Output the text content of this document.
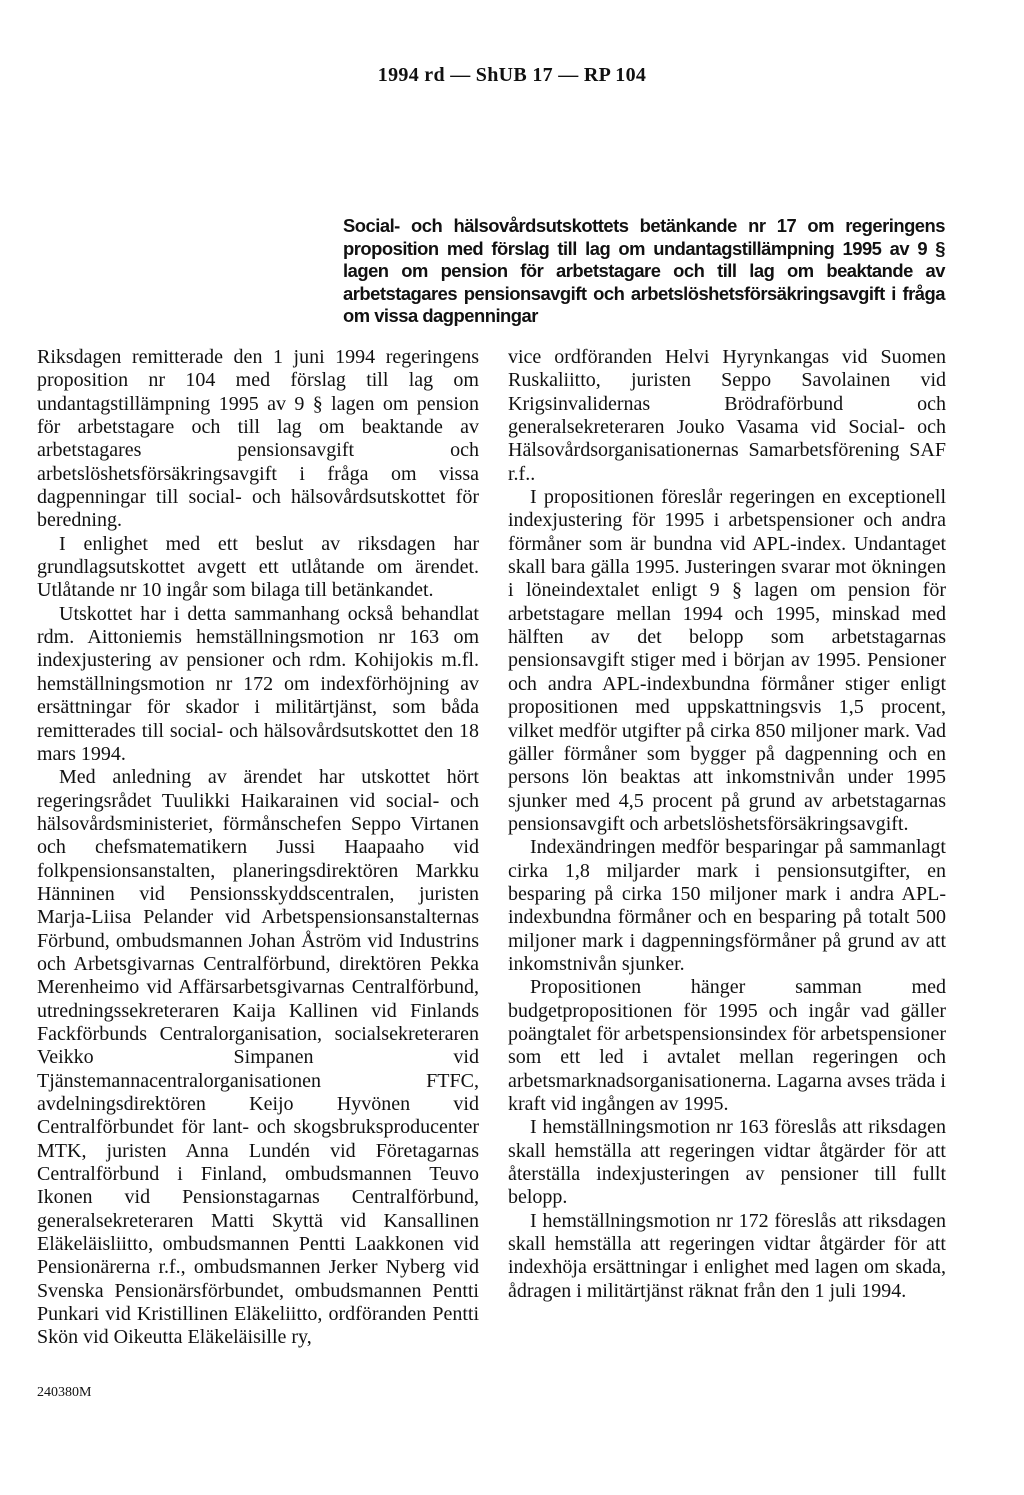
1994 rd — ShUB 17 — RP 104
Social- och hälsovårdsutskottets betänkande nr 17 om regeringens proposition med förslag till lag om undantagstillämpning 1995 av 9 § lagen om pension för arbetstagare och till lag om beaktande av arbetstagares pensionsavgift och arbetslöshetsförsäkringsavgift i fråga om vissa dagpenningar

Riksdagen remitterade den 1 juni 1994 regeringens proposition nr 104 med förslag till lag om undantagstillämpning 1995 av 9 § lagen om pension för arbetstagare och till lag om beaktande av arbetstagares pensionsavgift och arbetslöshetsförsäkringsavgift i fråga om vissa dagpenningar till social- och hälsovårdsutskottet för beredning.

I enlighet med ett beslut av riksdagen har grundlagsutskottet avgett ett utlåtande om ärendet. Utlåtande nr 10 ingår som bilaga till betänkandet.

Utskottet har i detta sammanhang också behandlat rdm. Aittoniemis hemställningsmotion nr 163 om indexjustering av pensioner och rdm. Kohijokis m.fl. hemställningsmotion nr 172 om indexförhöjning av ersättningar för skador i militärtjänst, som båda remitterades till social- och hälsovårdsutskottet den 18 mars 1994.

Med anledning av ärendet har utskottet hört regeringsrådet Tuulikki Haikarainen vid social- och hälsovårdsministeriet, förmånschefen Seppo Virtanen och chefsmatematikern Jussi Haapaaho vid folkpensionsanstalten, planeringsdirektören Markku Hänninen vid Pensionsskyddscentralen, juristen Marja-Liisa Pelander vid Arbetspensionsanstalternas Förbund, ombudsmannen Johan Åström vid Industrins och Arbetsgivarnas Centralförbund, direktören Pekka Merenheimo vid Affärsarbetsgivarnas Centralförbund, utredningssekreteraren Kaija Kallinen vid Finlands Fackförbunds Centralorganisation, socialsekreteraren Veikko Simpanen vid Tjänstemannacentralorganisationen FTFC, avdelningsdirektören Keijo Hyvönen vid Centralförbundet för lant- och skogsbruksproducenter MTK, juristen Anna Lundén vid Företagarnas Centralförbund i Finland, ombudsmannen Teuvo Ikonen vid Pensionstagarnas Centralförbund, generalsekreteraren Matti Skyttä vid Kansallinen Eläkeläisliitto, ombudsmannen Pentti Laakkonen vid Pensionärerna r.f., ombudsmannen Jerker Nyberg vid Svenska Pensionärsförbundet, ombudsmannen Pentti Punkari vid Kristillinen Eläkeliitto, ordföranden Pentti Skön vid Oikeutta Eläkeläisille ry,

vice ordföranden Helvi Hyrynkangas vid Suomen Ruskaliitto, juristen Seppo Savolainen vid Krigsinvalidernas Brödraförbund och generalsekreteraren Jouko Vasama vid Social- och Hälsovårdsorganisationernas Samarbetsförening SAF r.f..

I propositionen föreslår regeringen en exceptionell indexjustering för 1995 i arbetspensioner och andra förmåner som är bundna vid APL-index. Undantaget skall bara gälla 1995. Justeringen svarar mot ökningen i löneindextalet enligt 9 § lagen om pension för arbetstagare mellan 1994 och 1995, minskad med hälften av det belopp som arbetstagarnas pensionsavgift stiger med i början av 1995. Pensioner och andra APL-indexbundna förmåner stiger enligt propositionen med uppskattningsvis 1,5 procent, vilket medför utgifter på cirka 850 miljoner mark. Vad gäller förmåner som bygger på dagpenning och en persons lön beaktas att inkomstnivån under 1995 sjunker med 4,5 procent på grund av arbetstagarnas pensionsavgift och arbetslöshetsförsäkringsavgift.

Indexändringen medför besparingar på sammanlagt cirka 1,8 miljarder mark i pensionsutgifter, en besparing på cirka 150 miljoner mark i andra APL-indexbundna förmåner och en besparing på totalt 500 miljoner mark i dagpenningsförmåner på grund av att inkomstnivån sjunker.

Propositionen hänger samman med budgetpropositionen för 1995 och ingår vad gäller poängtalet för arbetspensionsindex för arbetspensioner som ett led i avtalet mellan regeringen och arbetsmarknadsorganisationerna. Lagarna avses träda i kraft vid ingången av 1995.

I hemställningsmotion nr 163 föreslås att riksdagen skall hemställa att regeringen vidtar åtgärder för att återställa indexjusteringen av pensioner till fullt belopp.

I hemställningsmotion nr 172 föreslås att riksdagen skall hemställa att regeringen vidtar åtgärder för att indexhöja ersättningar i enlighet med lagen om skada, ådragen i militärtjänst räknat från den 1 juli 1994.

240380M
